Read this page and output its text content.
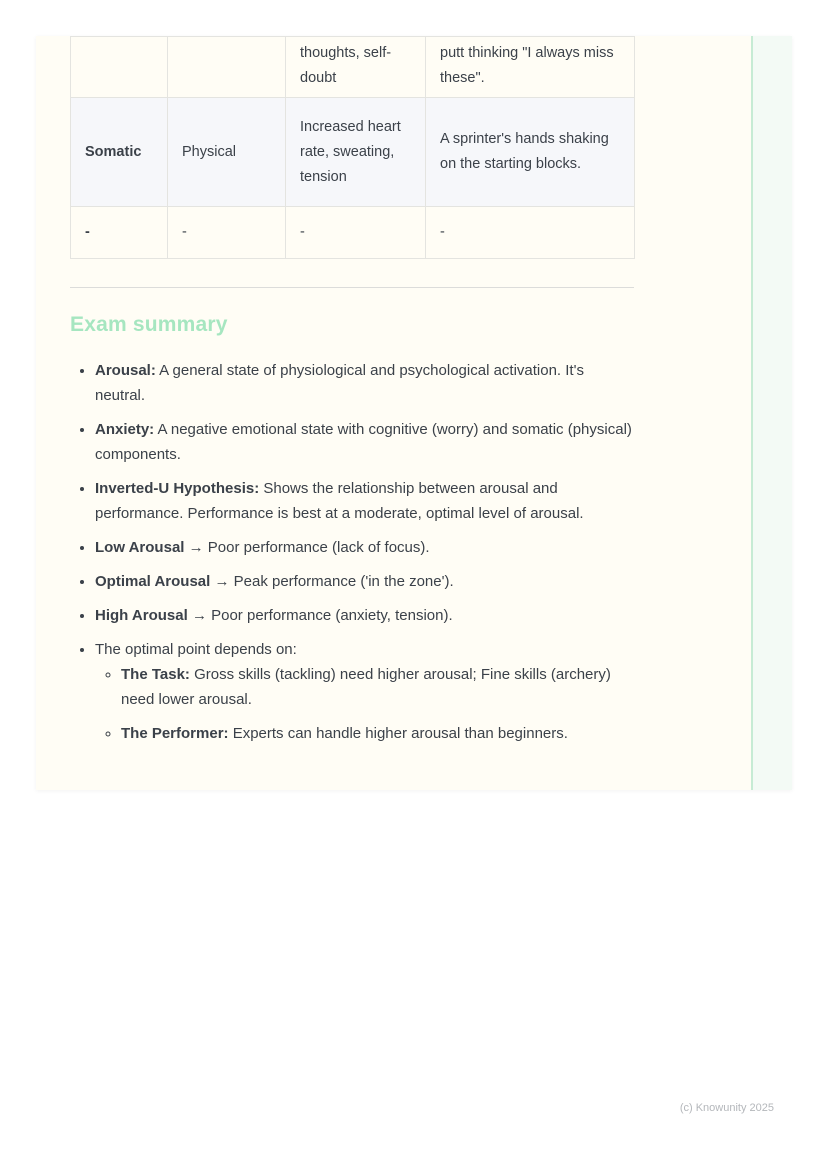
		thoughts, self-doubt	putt thinking "I always miss these".
Somatic	Physical	Increased heart rate, sweating, tension	A sprinter's hands shaking on the starting blocks.
-	-	-	-
Exam summary
• Arousal: A general state of physiological and psychological activation. It's neutral.
• Anxiety: A negative emotional state with cognitive (worry) and somatic (physical) components.
• Inverted-U Hypothesis: Shows the relationship between arousal and performance. Performance is best at a moderate, optimal level of arousal.
• Low Arousal → Poor performance (lack of focus).
• Optimal Arousal → Peak performance ('in the zone').
• High Arousal → Poor performance (anxiety, tension).
• The optimal point depends on:
◦ The Task: Gross skills (tackling) need higher arousal; Fine skills (archery) need lower arousal.
◦ The Performer: Experts can handle higher arousal than beginners.
(c) Knowunity 2025
